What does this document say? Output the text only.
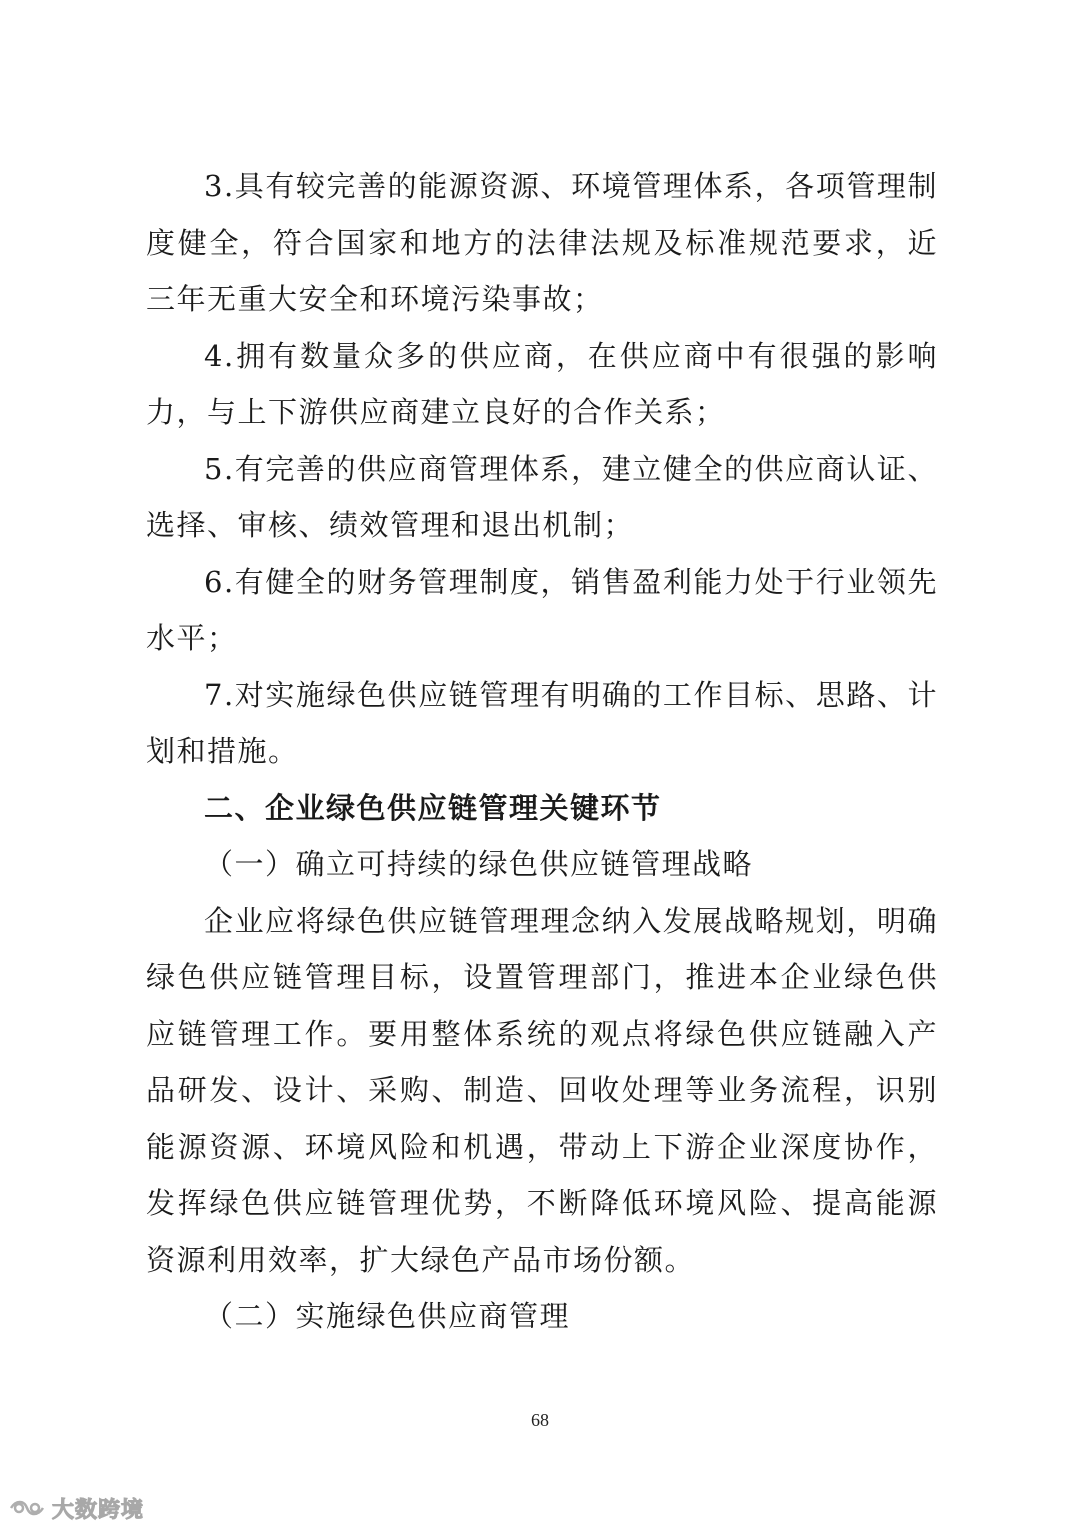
3.具有较完善的能源资源、环境管理体系，各项管理制度健全，符合国家和地方的法律法规及标准规范要求，近三年无重大安全和环境污染事故；

4.拥有数量众多的供应商，在供应商中有很强的影响力，与上下游供应商建立良好的合作关系；

5.有完善的供应商管理体系，建立健全的供应商认证、选择、审核、绩效管理和退出机制；

6.有健全的财务管理制度，销售盈利能力处于行业领先水平；

7.对实施绿色供应链管理有明确的工作目标、思路、计划和措施。

二、企业绿色供应链管理关键环节

（一）确立可持续的绿色供应链管理战略

企业应将绿色供应链管理理念纳入发展战略规划，明确绿色供应链管理目标，设置管理部门，推进本企业绿色供应链管理工作。要用整体系统的观点将绿色供应链融入产品研发、设计、采购、制造、回收处理等业务流程，识别能源资源、环境风险和机遇，带动上下游企业深度协作，发挥绿色供应链管理优势，不断降低环境风险、提高能源资源利用效率，扩大绿色产品市场份额。

（二）实施绿色供应商管理

68
大数跨境
